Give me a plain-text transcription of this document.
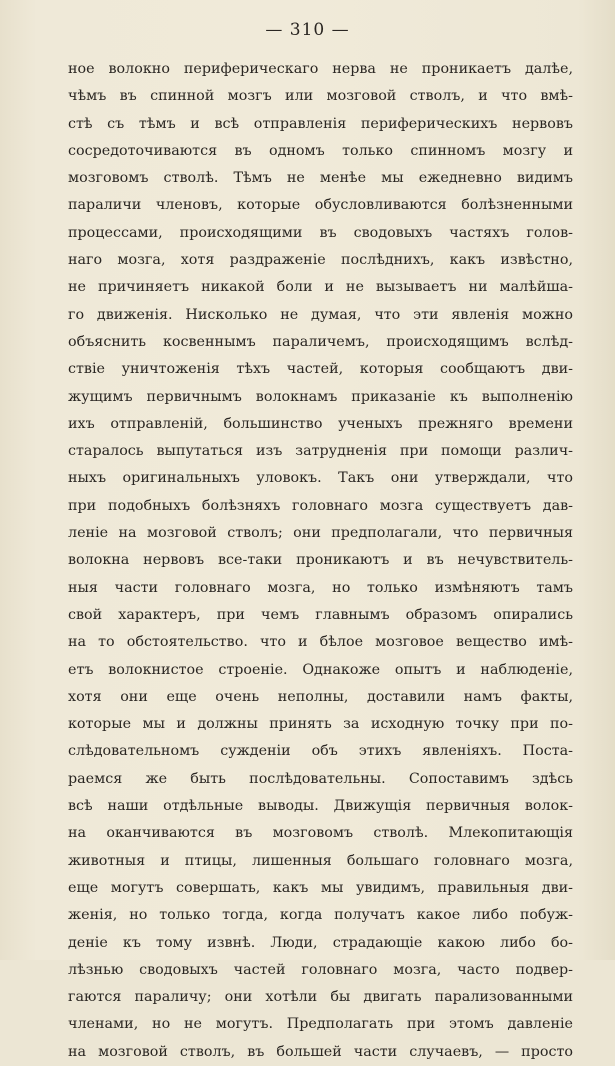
— 310 —
ное волокно периферическаго нерва не проникаетъ далѣе,
чѣмъ въ спинной мозгъ или мозговой стволъ, и что вмѣ-
стѣ съ тѣмъ и всѣ отправленія периферическихъ нервовъ
сосредоточиваются въ одномъ только спинномъ мозгу и
мозговомъ стволѣ. Тѣмъ не менѣе мы ежедневно видимъ
параличи членовъ, которые обусловливаются болѣзненными
процессами, происходящими въ сводовыхъ частяхъ голов-
наго мозга, хотя раздраженіе послѣднихъ, какъ извѣстно,
не причиняетъ никакой боли и не вызываетъ ни малѣйша-
го движенія. Нисколько не думая, что эти явленія можно
объяснить косвеннымъ параличемъ, происходящимъ вслѣд-
ствіе уничтоженія тѣхъ частей, которыя сообщаютъ дви-
жущимъ первичнымъ волокнамъ приказаніе къ выполненію
ихъ отправленій, большинство ученыхъ прежняго времени
старалось выпутаться изъ затрудненія при помощи различ-
ныхъ оригинальныхъ уловокъ. Такъ они утверждали, что
при подобныхъ болѣзняхъ головнаго мозга существуетъ дав-
леніе на мозговой стволъ; они предполагали, что первичныя
волокна нервовъ все-таки проникаютъ и въ нечувствитель-
ныя части головнаго мозга, но только измѣняютъ тамъ
свой характеръ, при чемъ главнымъ образомъ опирались
на то обстоятельство. что и бѣлое мозговое вещество имѣ-
етъ волокнистое строеніе. Однакоже опытъ и наблюденіе,
хотя они еще очень неполны, доставили намъ факты,
которые мы и должны принять за исходную точку при по-
слѣдовательномъ сужденіи объ этихъ явленіяхъ. Поста-
раемся же быть послѣдовательны. Сопоставимъ здѣсь
всѣ наши отдѣльные выводы. Движущія первичныя волок-
на оканчиваются въ мозговомъ стволѣ. Млекопитающія
животныя и птицы, лишенныя большаго головнаго мозга,
еще могутъ совершать, какъ мы увидимъ, правильныя дви-
женія, но только тогда, когда получатъ какое либо побуж-
деніе къ тому извнѣ. Люди, страдающіе какою либо бо-
лѣзнью сводовыхъ частей головнаго мозга, часто подвер-
гаются параличу; они хотѣли бы двигать парализованными
членами, но не могутъ. Предполагать при этомъ давленіе
на мозговой стволъ, въ большей части случаевъ, — просто
